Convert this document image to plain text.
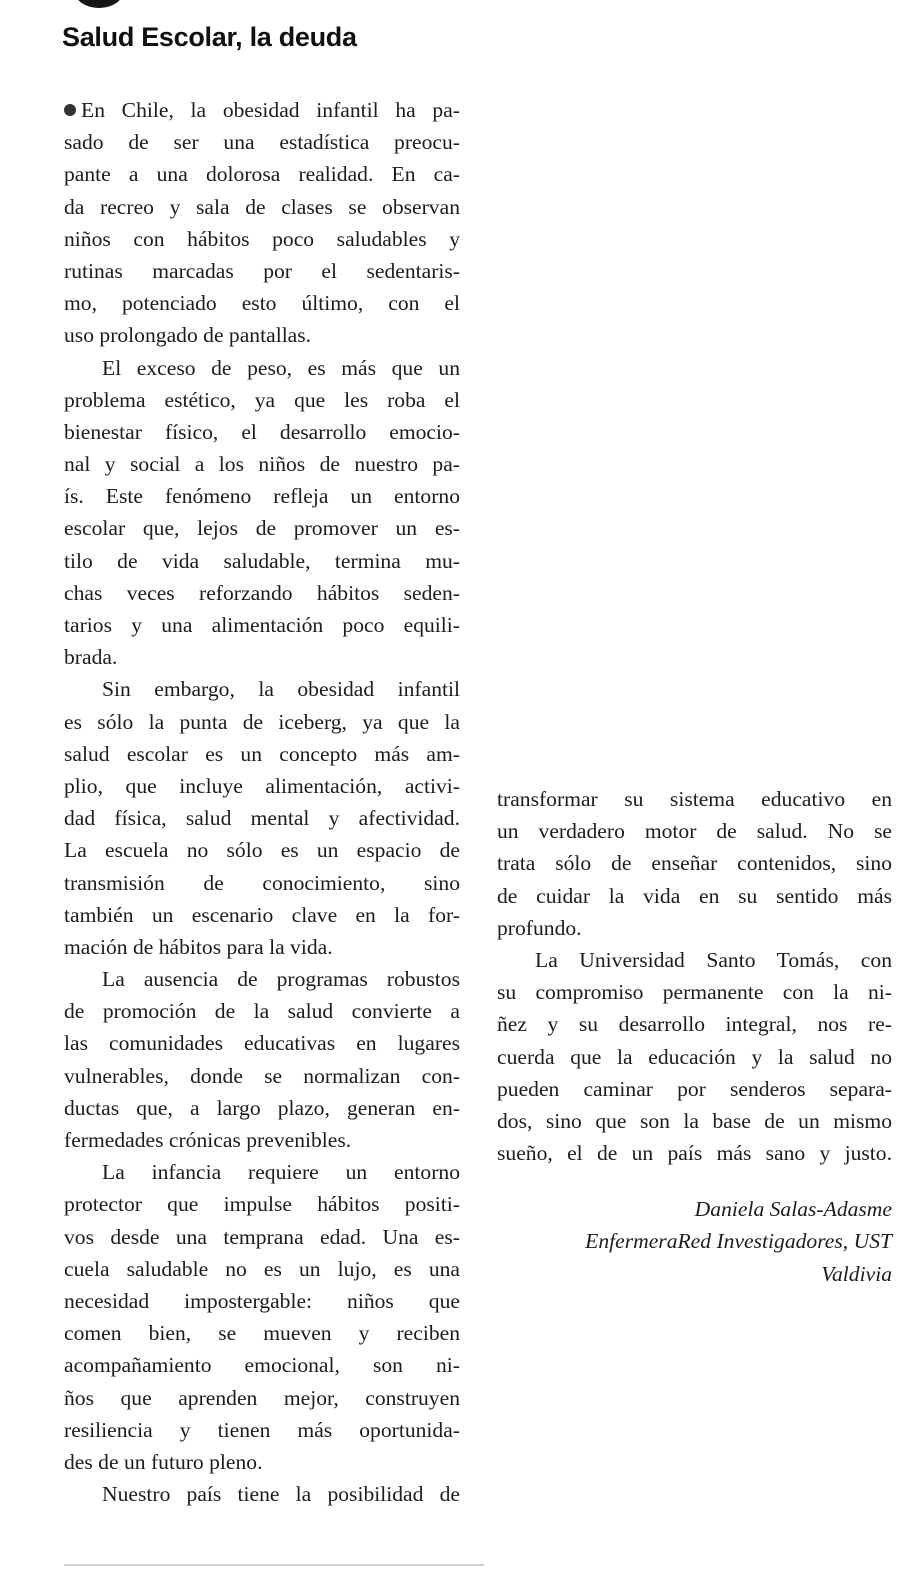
Salud Escolar, la deuda
En Chile, la obesidad infantil ha pa-
sado de ser una estadística preocu-
pante a una dolorosa realidad. En ca-
da recreo y sala de clases se observan
niños con hábitos poco saludables y
rutinas marcadas por el sedentaris-
mo, potenciado esto último, con el
uso prolongado de pantallas.
El exceso de peso, es más que un
problema estético, ya que les roba el
bienestar físico, el desarrollo emocio-
nal y social a los niños de nuestro pa-
ís. Este fenómeno refleja un entorno
escolar que, lejos de promover un es-
tilo de vida saludable, termina mu-
chas veces reforzando hábitos seden-
tarios y una alimentación poco equili-
brada.
Sin embargo, la obesidad infantil
es sólo la punta de iceberg, ya que la
salud escolar es un concepto más am-
plio, que incluye alimentación, activi-
dad física, salud mental y afectividad.
La escuela no sólo es un espacio de
transmisión de conocimiento, sino
también un escenario clave en la for-
mación de hábitos para la vida.
La ausencia de programas robustos
de promoción de la salud convierte a
las comunidades educativas en lugares
vulnerables, donde se normalizan con-
ductas que, a largo plazo, generan en-
fermedades crónicas prevenibles.
La infancia requiere un entorno
protector que impulse hábitos positi-
vos desde una temprana edad. Una es-
cuela saludable no es un lujo, es una
necesidad impostergable: niños que
comen bien, se mueven y reciben
acompañamiento emocional, son ni-
ños que aprenden mejor, construyen
resiliencia y tienen más oportunida-
des de un futuro pleno.
Nuestro país tiene la posibilidad de
transformar su sistema educativo en
un verdadero motor de salud. No se
trata sólo de enseñar contenidos, sino
de cuidar la vida en su sentido más
profundo.
La Universidad Santo Tomás, con
su compromiso permanente con la ni-
ñez y su desarrollo integral, nos re-
cuerda que la educación y la salud no
pueden caminar por senderos separa-
dos, sino que son la base de un mismo
sueño, el de un país más sano y justo.
Daniela Salas-Adasme
EnfermeraRed Investigadores, UST
Valdivia
